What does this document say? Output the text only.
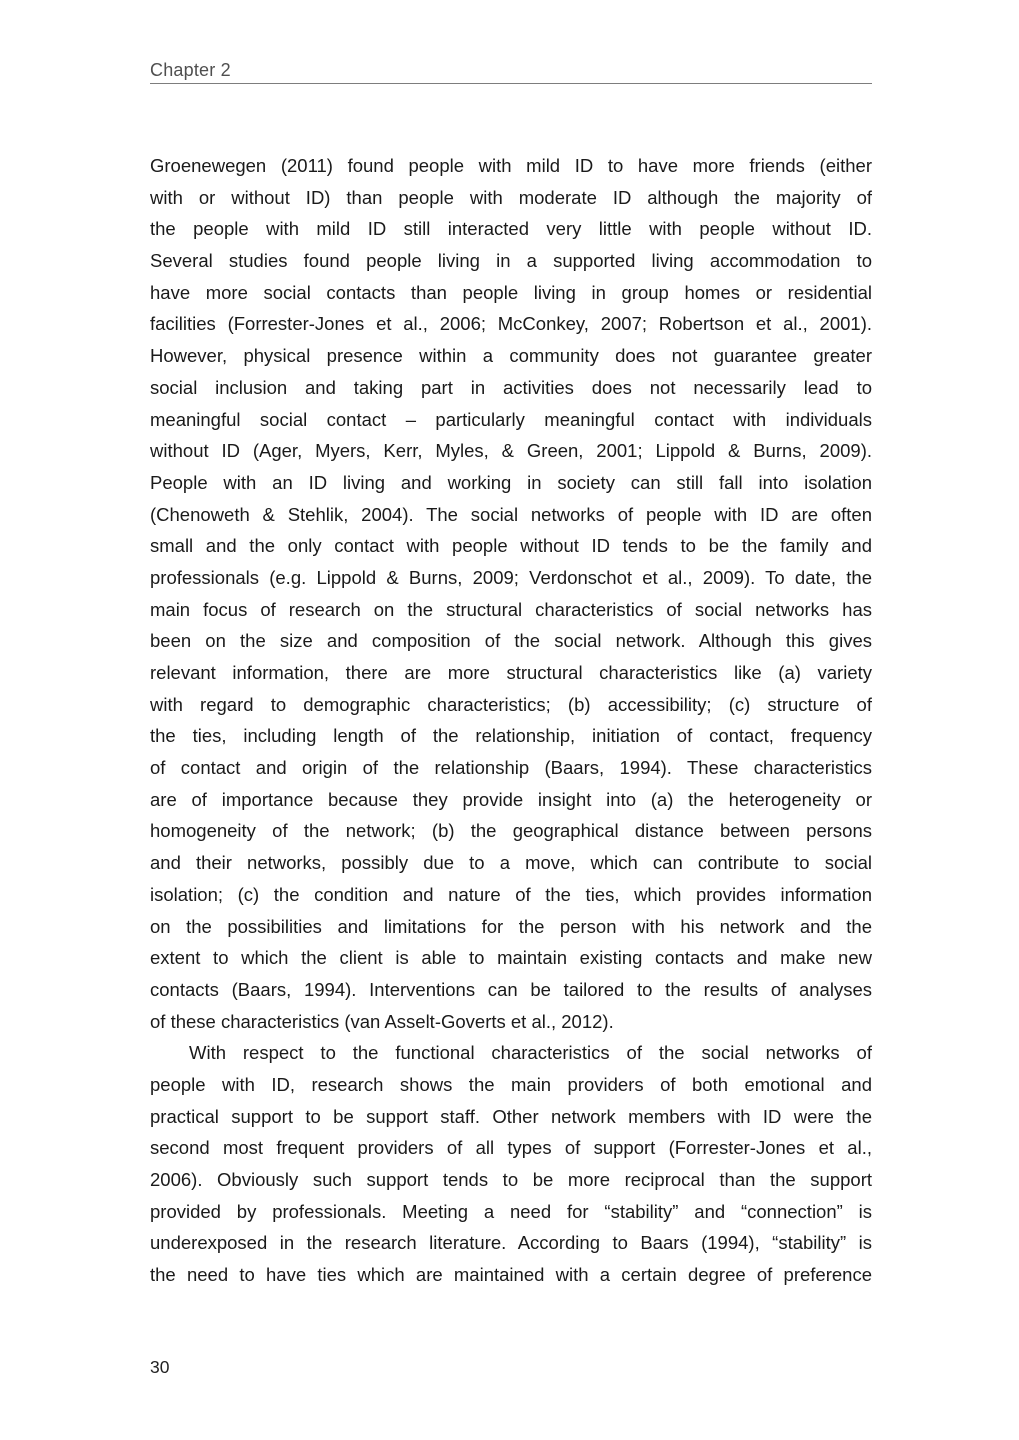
Chapter 2
Groenewegen (2011) found people with mild ID to have more friends (either
with or without ID) than people with moderate ID although the majority of
the people with mild ID still interacted very little with people without ID.
Several studies found people living in a supported living accommodation to
have more social contacts than people living in group homes or residential
facilities (Forrester-Jones et al., 2006; McConkey, 2007; Robertson et al., 2001).
However, physical presence within a community does not guarantee greater
social inclusion and taking part in activities does not necessarily lead to
meaningful social contact – particularly meaningful contact with individuals
without ID (Ager, Myers, Kerr, Myles, & Green, 2001; Lippold & Burns, 2009).
People with an ID living and working in society can still fall into isolation
(Chenoweth & Stehlik, 2004). The social networks of people with ID are often
small and the only contact with people without ID tends to be the family and
professionals (e.g. Lippold & Burns, 2009; Verdonschot et al., 2009). To date, the
main focus of research on the structural characteristics of social networks has
been on the size and composition of the social network. Although this gives
relevant information, there are more structural characteristics like (a) variety
with regard to demographic characteristics; (b) accessibility; (c) structure of
the ties, including length of the relationship, initiation of contact, frequency
of contact and origin of the relationship (Baars, 1994). These characteristics
are of importance because they provide insight into (a) the heterogeneity or
homogeneity of the network; (b) the geographical distance between persons
and their networks, possibly due to a move, which can contribute to social
isolation; (c) the condition and nature of the ties, which provides information
on the possibilities and limitations for the person with his network and the
extent to which the client is able to maintain existing contacts and make new
contacts (Baars, 1994). Interventions can be tailored to the results of analyses
of these characteristics (van Asselt-Goverts et al., 2012).
With respect to the functional characteristics of the social networks of
people with ID, research shows the main providers of both emotional and
practical support to be support staff. Other network members with ID were the
second most frequent providers of all types of support (Forrester-Jones et al.,
2006). Obviously such support tends to be more reciprocal than the support
provided by professionals. Meeting a need for “stability” and “connection” is
underexposed in the research literature. According to Baars (1994), “stability” is
the need to have ties which are maintained with a certain degree of preference
30
